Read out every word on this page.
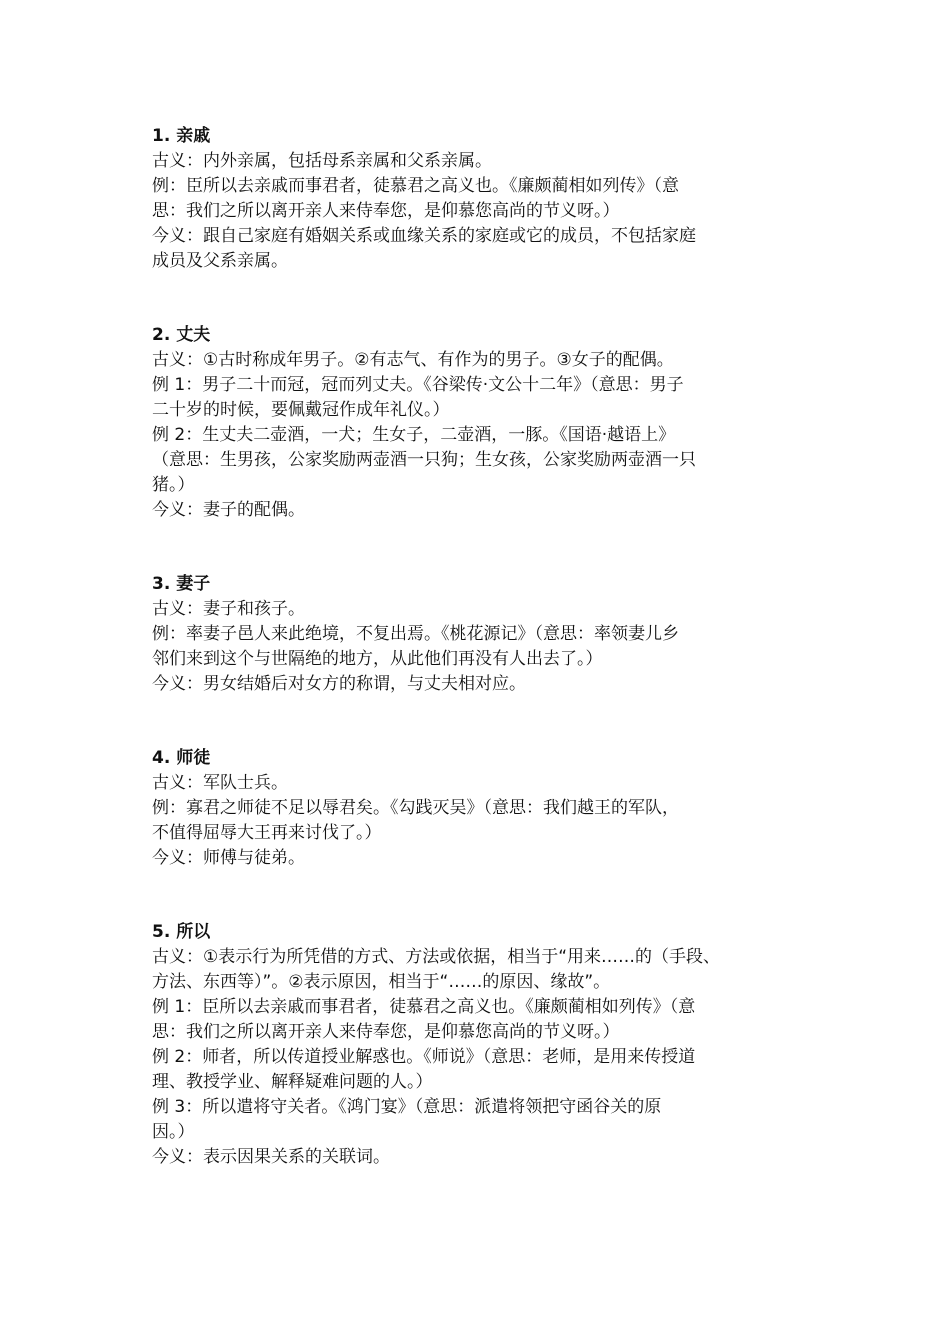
1. 亲戚

古义：内外亲属，包括母系亲属和父系亲属。

例：臣所以去亲戚而事君者，徒慕君之高义也。《廉颇蔺相如列传》（意

思：我们之所以离开亲人来侍奉您，是仰慕您高尚的节义呀。）

今义：跟自己家庭有婚姻关系或血缘关系的家庭或它的成员，不包括家庭

成员及父系亲属。

2. 丈夫

古义：①古时称成年男子。②有志气、有作为的男子。③女子的配偶。

例 1：男子二十而冠，冠而列丈夫。《谷梁传·文公十二年》（意思：男子

二十岁的时候，要佩戴冠作成年礼仪。）

例 2：生丈夫二壶酒，一犬；生女子，二壶酒，一豚。《国语·越语上》

（意思：生男孩，公家奖励两壶酒一只狗；生女孩，公家奖励两壶酒一只

猪。）

今义：妻子的配偶。

3. 妻子

古义：妻子和孩子。

例：率妻子邑人来此绝境，不复出焉。《桃花源记》（意思：率领妻儿乡

邻们来到这个与世隔绝的地方，从此他们再没有人出去了。）

今义：男女结婚后对女方的称谓，与丈夫相对应。

4. 师徒

古义：军队士兵。

例：寡君之师徒不足以辱君矣。《勾践灭吴》（意思：我们越王的军队，

不值得屈辱大王再来讨伐了。）

今义：师傅与徒弟。

5. 所以

古义：①表示行为所凭借的方式、方法或依据，相当于“用来……的（手段、

方法、东西等）”。②表示原因，相当于“……的原因、缘故”。

例 1：臣所以去亲戚而事君者，徒慕君之高义也。《廉颇蔺相如列传》（意

思：我们之所以离开亲人来侍奉您，是仰慕您高尚的节义呀。）

例 2：师者，所以传道授业解惑也。《师说》（意思：老师，是用来传授道

理、教授学业、解释疑难问题的人。）

例 3：所以遣将守关者。《鸿门宴》（意思：派遣将领把守函谷关的原

因。）

今义：表示因果关系的关联词。
